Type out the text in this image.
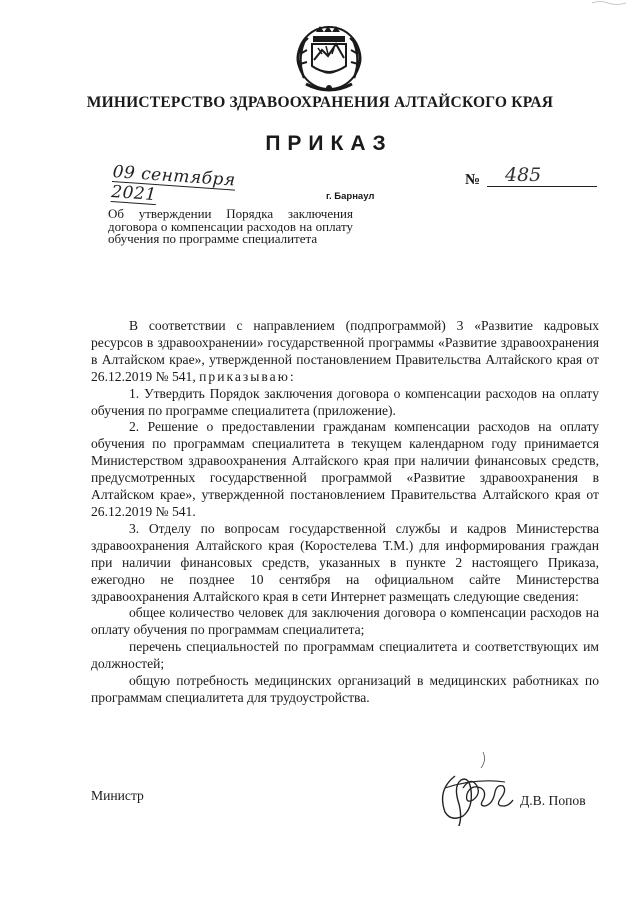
МИНИСТЕРСТВО ЗДРАВООХРАНЕНИЯ АЛТАЙСКОГО КРАЯ
ПРИКАЗ
09 сентября 2021	г. Барнаул
№ 485
Об утверждении Порядка заключения договора о компенсации расходов на оплату обучения по программе специалитета

В соответствии с направлением (подпрограммой) 3 «Развитие кадровых ресурсов в здравоохранении» государственной программы «Развитие здравоохранения в Алтайском крае», утвержденной постановлением Правительства Алтайского края от 26.12.2019 № 541, приказываю:

1. Утвердить Порядок заключения договора о компенсации расходов на оплату обучения по программе специалитета (приложение).

2. Решение о предоставлении гражданам компенсации расходов на оплату обучения по программам специалитета в текущем календарном году принимается Министерством здравоохранения Алтайского края при наличии финансовых средств, предусмотренных государственной программой «Развитие здравоохранения в Алтайском крае», утвержденной постановлением Правительства Алтайского края от 26.12.2019 № 541.

3. Отделу по вопросам государственной службы и кадров Министерства здравоохранения Алтайского края (Коростелева Т.М.) для информирования граждан при наличии финансовых средств, указанных в пункте 2 настоящего Приказа, ежегодно не позднее 10 сентября на официальном сайте Министерства здравоохранения Алтайского края в сети Интернет размещать следующие сведения:

общее количество человек для заключения договора о компенсации расходов на оплату обучения по программам специалитета;

перечень специальностей по программам специалитета и соответствующих им должностей;

общую потребность медицинских организаций в медицинских работниках по программам специалитета для трудоустройства.

Министр	Д.В. Попов
